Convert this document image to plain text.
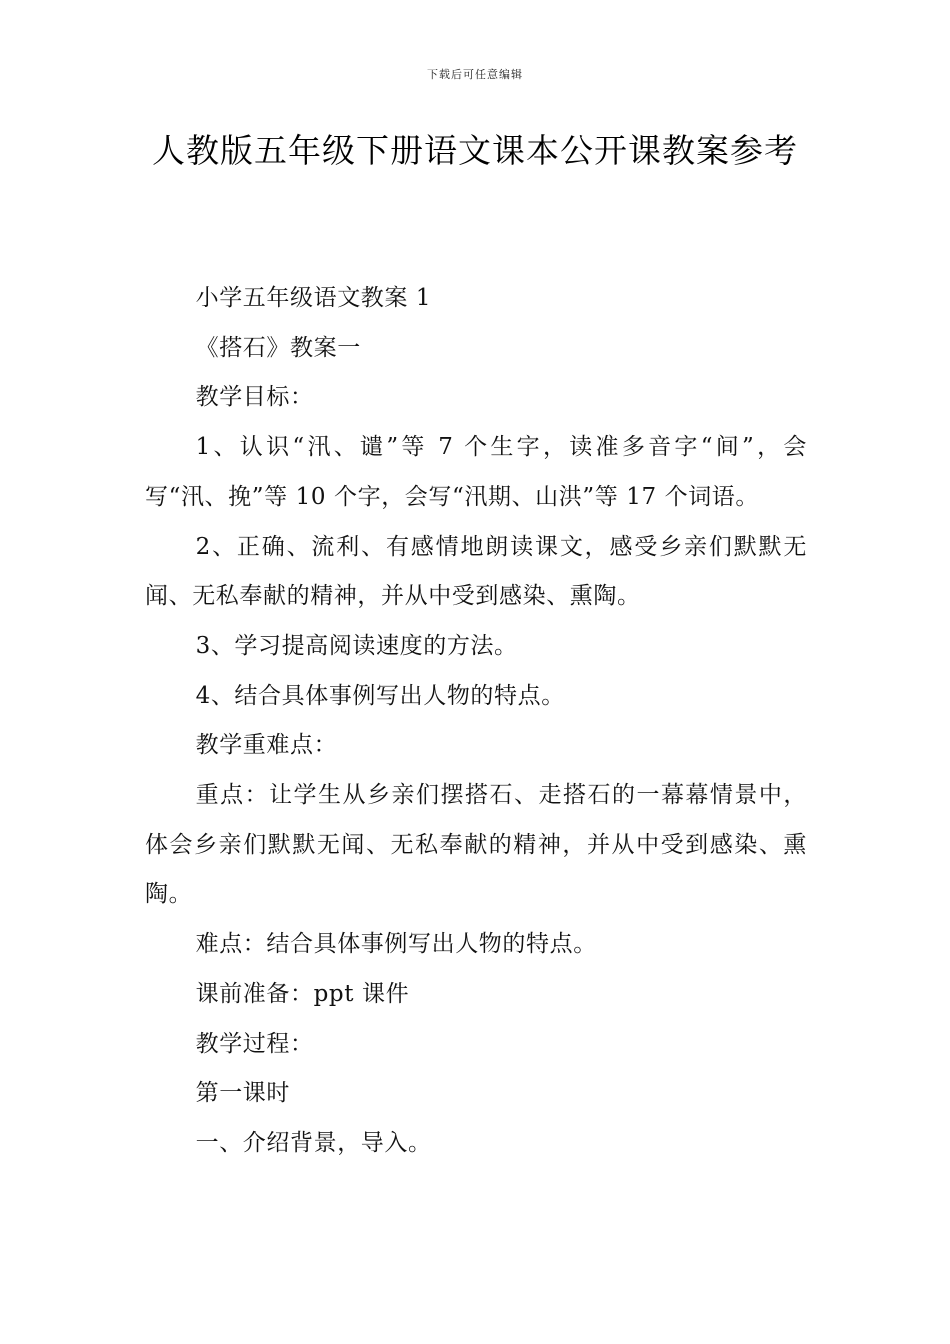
下载后可任意编辑
人教版五年级下册语文课本公开课教案参考

小学五年级语文教案 1

《搭石》教案一

教学目标：

1、认识“汛、谴”等 7 个生字，读准多音字“间”，会写“汛、挽”等 10 个字，会写“汛期、山洪”等 17 个词语。

2、正确、流利、有感情地朗读课文，感受乡亲们默默无闻、无私奉献的精神，并从中受到感染、熏陶。

3、学习提高阅读速度的方法。

4、结合具体事例写出人物的特点。

教学重难点：

重点：让学生从乡亲们摆搭石、走搭石的一幕幕情景中，体会乡亲们默默无闻、无私奉献的精神，并从中受到感染、熏陶。

难点：结合具体事例写出人物的特点。

课前准备：ppt 课件

教学过程：

第一课时

一、介绍背景，导入。
